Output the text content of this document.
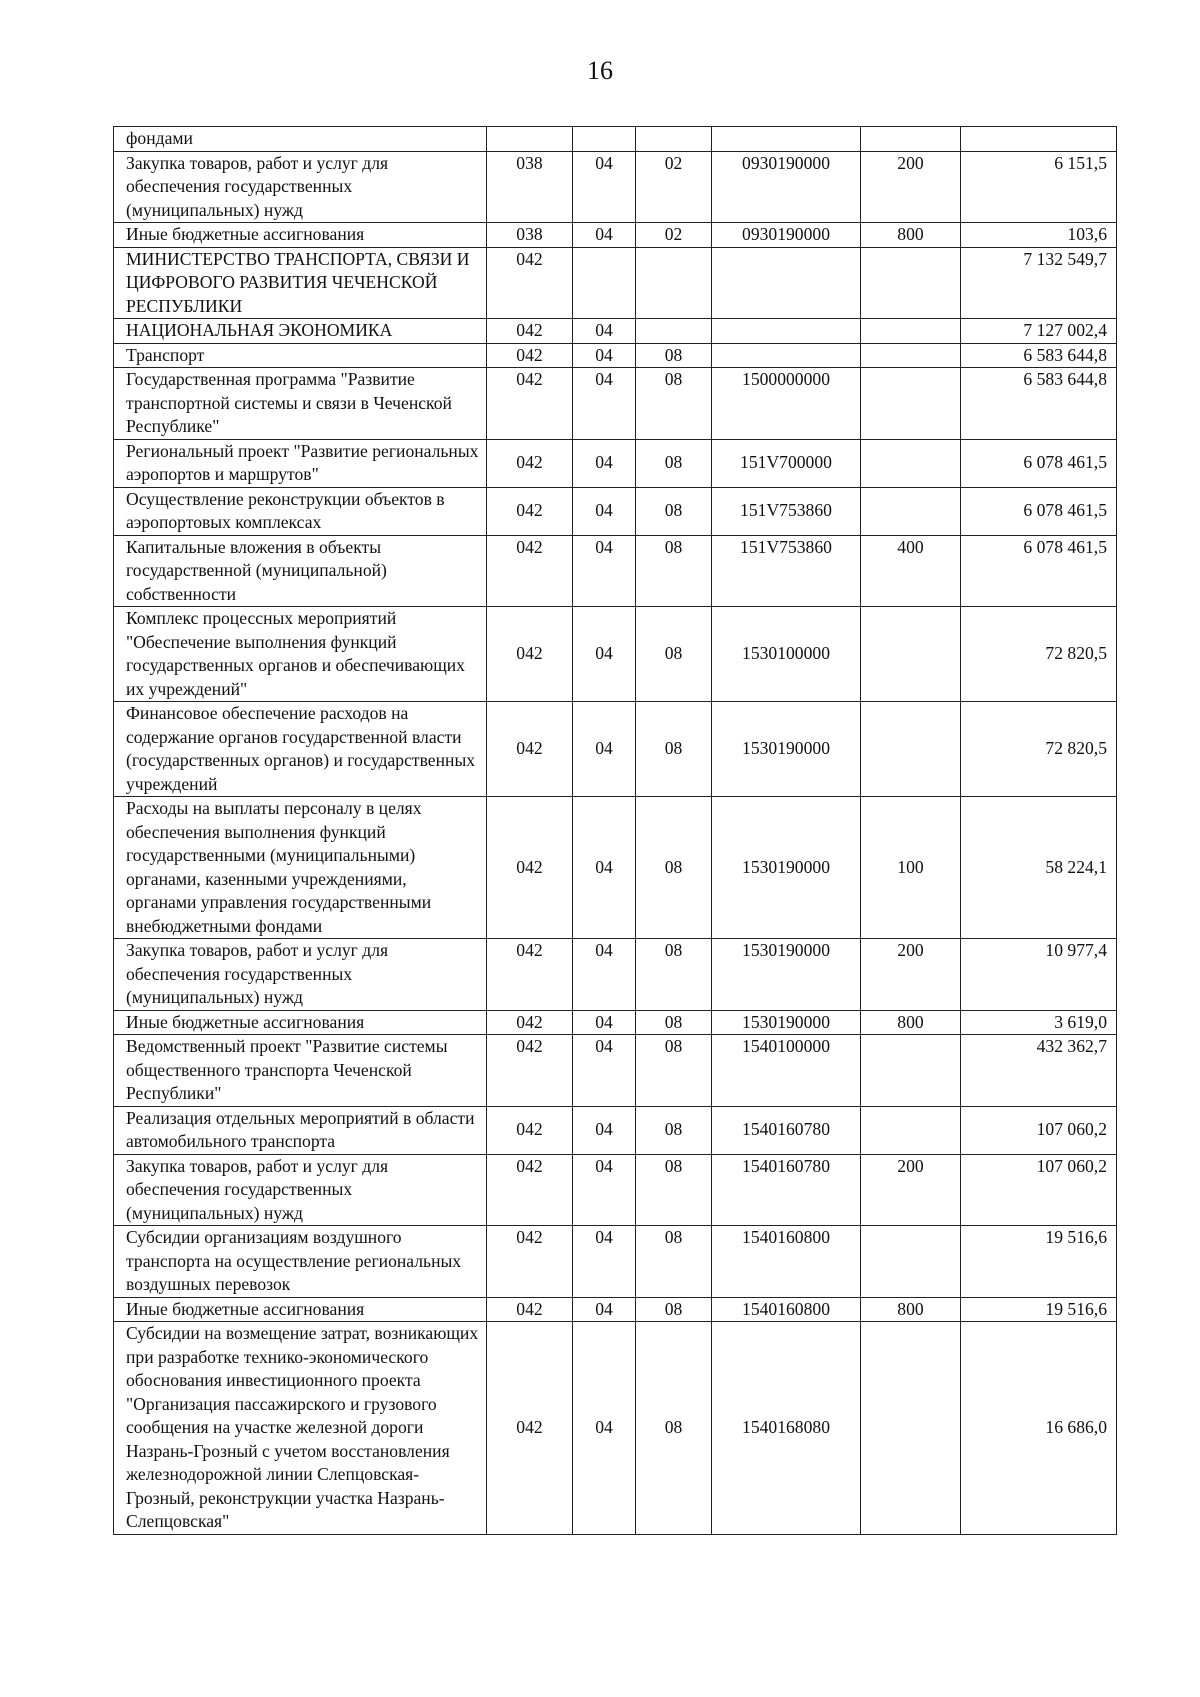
16
фондами						
Закупка товаров, работ и услуг для обеспечения государственных (муниципальных) нужд	038	04	02	0930190000	200	6 151,5
Иные бюджетные ассигнования	038	04	02	0930190000	800	103,6
МИНИСТЕРСТВО ТРАНСПОРТА, СВЯЗИ И ЦИФРОВОГО РАЗВИТИЯ ЧЕЧЕНСКОЙ РЕСПУБЛИКИ	042					7 132 549,7
НАЦИОНАЛЬНАЯ ЭКОНОМИКА	042	04				7 127 002,4
Транспорт	042	04	08			6 583 644,8
Государственная программа "Развитие транспортной системы и связи в Чеченской Республике"	042	04	08	1500000000		6 583 644,8
Региональный проект "Развитие региональных аэропортов и маршрутов"	042	04	08	151V700000		6 078 461,5
Осуществление реконструкции объектов в аэропортовых комплексах	042	04	08	151V753860		6 078 461,5
Капитальные вложения в объекты государственной (муниципальной) собственности	042	04	08	151V753860	400	6 078 461,5
Комплекс процессных мероприятий "Обеспечение выполнения функций государственных органов и обеспечивающих их учреждений"	042	04	08	1530100000		72 820,5
Финансовое обеспечение расходов на содержание органов государственной власти (государственных органов) и государственных учреждений	042	04	08	1530190000		72 820,5
Расходы на выплаты персоналу в целях обеспечения выполнения функций государственными (муниципальными) органами, казенными учреждениями, органами управления государственными внебюджетными фондами	042	04	08	1530190000	100	58 224,1
Закупка товаров, работ и услуг для обеспечения государственных (муниципальных) нужд	042	04	08	1530190000	200	10 977,4
Иные бюджетные ассигнования	042	04	08	1530190000	800	3 619,0
Ведомственный проект "Развитие системы общественного транспорта Чеченской Республики"	042	04	08	1540100000		432 362,7
Реализация отдельных мероприятий в области автомобильного транспорта	042	04	08	1540160780		107 060,2
Закупка товаров, работ и услуг для обеспечения государственных (муниципальных) нужд	042	04	08	1540160780	200	107 060,2
Субсидии организациям воздушного транспорта на осуществление региональных воздушных перевозок	042	04	08	1540160800		19 516,6
Иные бюджетные ассигнования	042	04	08	1540160800	800	19 516,6
Субсидии на возмещение затрат, возникающих при разработке технико-экономического обоснования инвестиционного проекта "Организация пассажирского и грузового сообщения на участке железной дороги Назрань-Грозный с учетом восстановления железнодорожной линии Слепцовская-Грозный, реконструкции участка Назрань-Слепцовская"	042	04	08	1540168080		16 686,0
